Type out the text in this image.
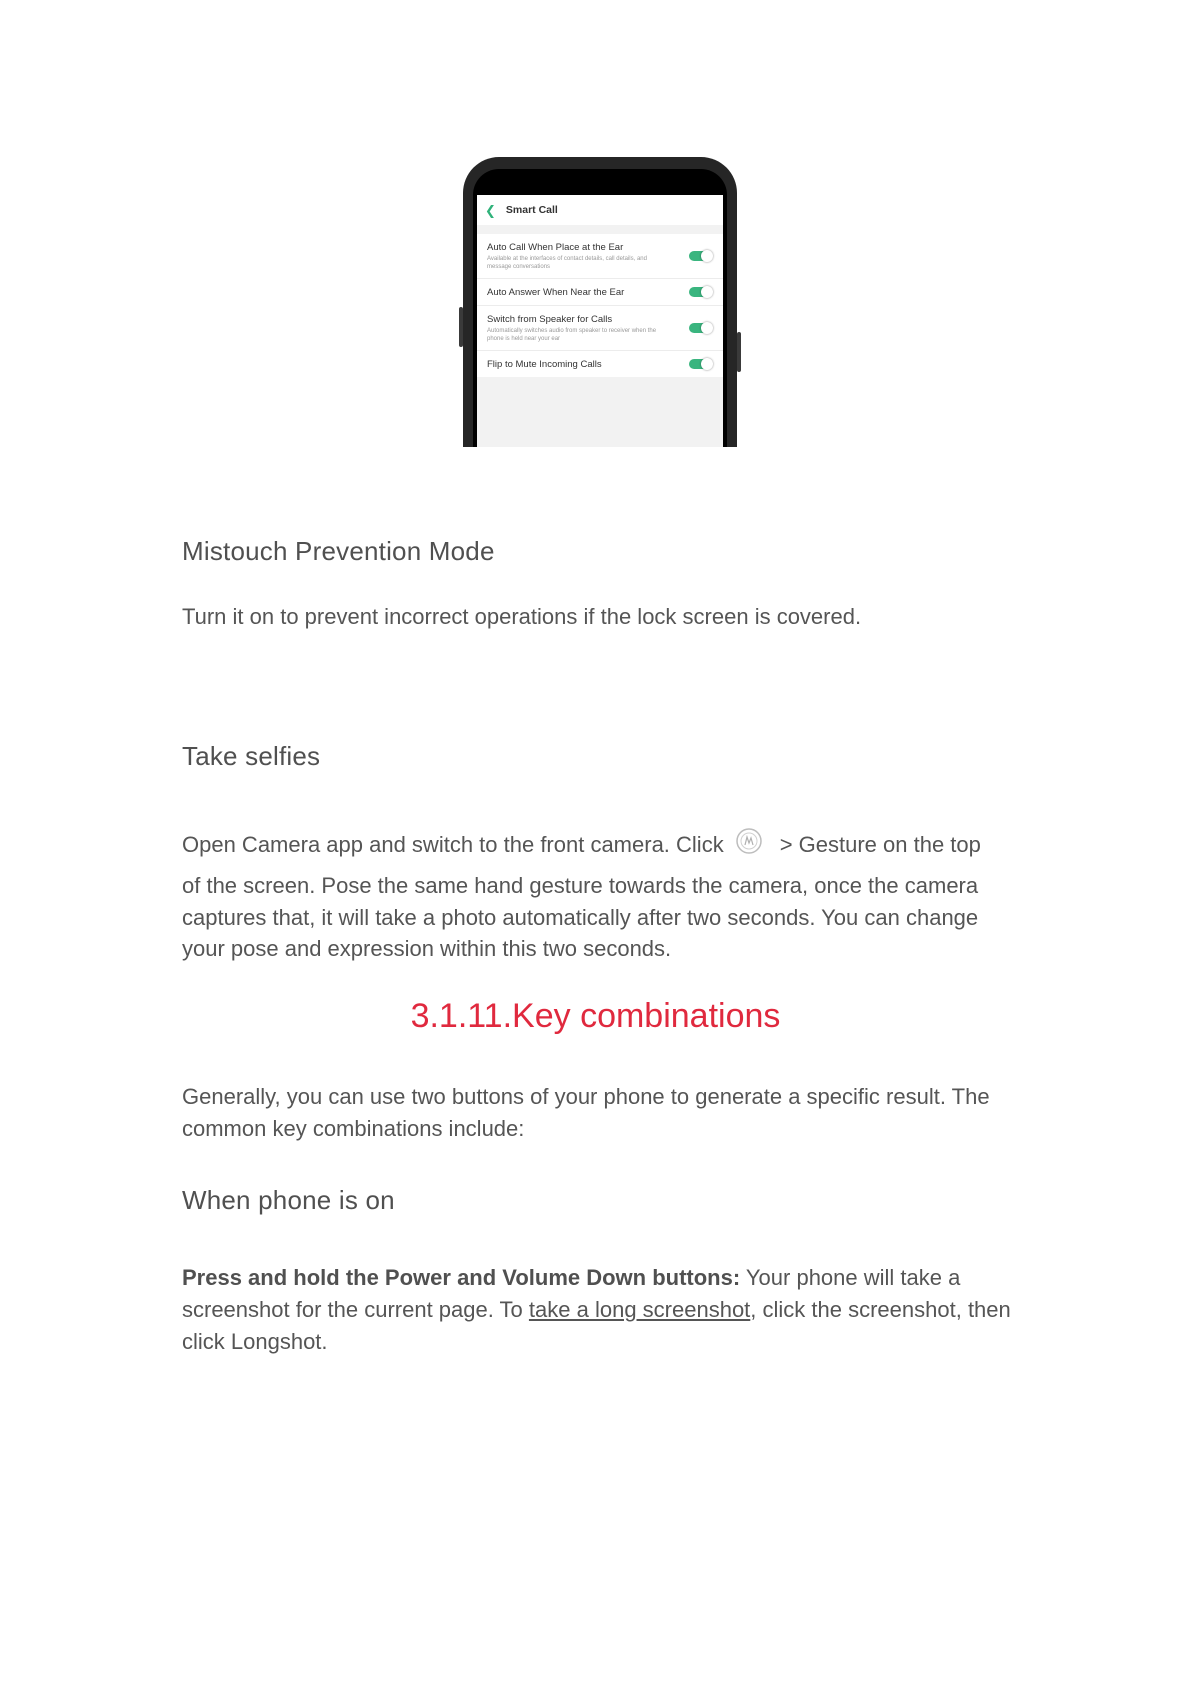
❮ Smart Call
Auto Call When Place at the Ear
Available at the interfaces of contact details, call details, and message conversations
Auto Answer When Near the Ear
Switch from Speaker for Calls
Automatically switches audio from speaker to receiver when the phone is held near your ear
Flip to Mute Incoming Calls
Mistouch Prevention Mode

Turn it on to prevent incorrect operations if the lock screen is covered.

Take selfies

Open Camera app and switch to the front camera. Click	> Gesture on the top

of the screen. Pose the same hand gesture towards the camera, once the camera captures that, it will take a photo automatically after two seconds. You can change your pose and expression within this two seconds.

3.1.11.Key combinations

Generally, you can use two buttons of your phone to generate a specific result. The common key combinations include:

When phone is on

Press and hold the Power and Volume Down buttons: Your phone will take a screenshot for the current page. To take a long screenshot, click the screenshot, then click Longshot.
